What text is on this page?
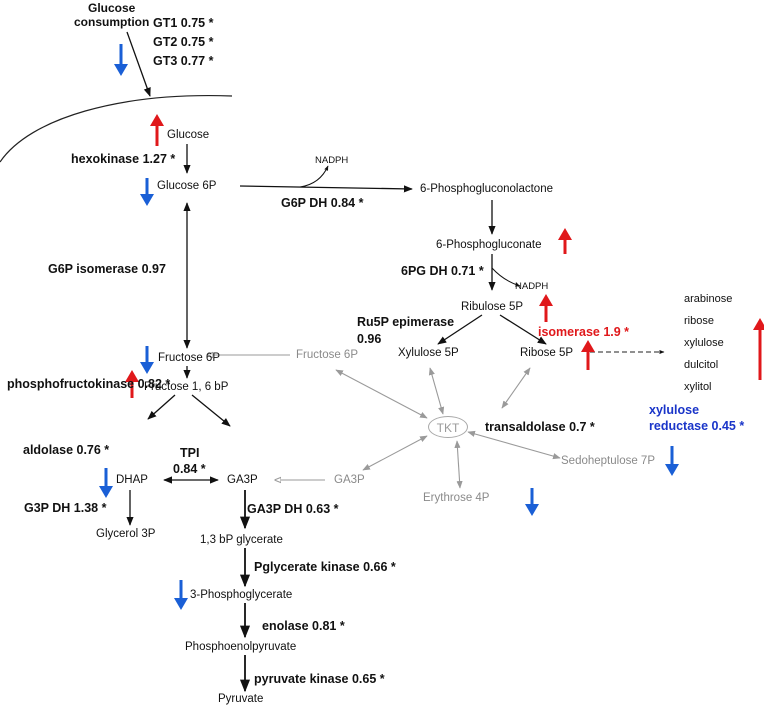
Glucose
consumption GT1 0.75 *
GT2 0.75 *
GT3 0.77 *
Glucose
Glucose 6P
Fructose 6P
Fructose 1, 6 bP
DHAP	GA3P
Glycerol 3P	1,3 bP glycerate
3-Phosphoglycerate
Phosphoenolpyruvate
Pyruvate
hexokinase 1.27 *
G6P isomerase 0.97
phosphofructokinase 0.82 *
aldolase 0.76 *	TPI
0.84 *
G3P DH 1.38 *	GA3P DH 0.63 *
Pglycerate kinase 0.66 *
enolase 0.81 *
pyruvate kinase 0.65 *
NADPH
G6P DH 0.84 *
6-Phosphogluconolactone
6-Phosphogluconate
6PG DH 0.71 *
NADPH
Ribulose 5P
Ru5P epimerase
0.96	isomerase 1.9 *
Xylulose 5P	Ribose 5P
arabinose
ribose
xylulose
dulcitol
xylitol
xylulose
reductase 0.45 *
Fructose 6P
GA3P
Sedoheptulose 7P
Erythrose 4P
TKT	transaldolase 0.7 *
